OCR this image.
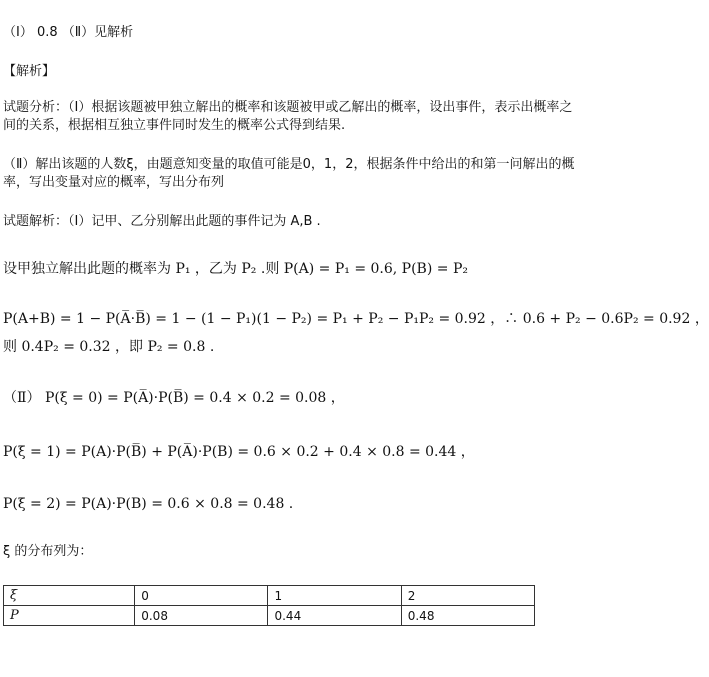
（Ⅰ） 0.8 （Ⅱ）见解析
【解析】
试题分析：（Ⅰ）根据该题被甲独立解出的概率和该题被甲或乙解出的概率，设出事件，表示出概率之
间的关系，根据相互独立事件同时发生的概率公式得到结果.
（Ⅱ）解出该题的人数ξ，由题意知变量的取值可能是0，1，2，根据条件中给出的和第一问解出的概
率，写出变量对应的概率，写出分布列
试题解析：（Ⅰ）记甲、乙分别解出此题的事件记为 A,B .
设甲独立解出此题的概率为 P₁ ，乙为 P₂ .则 P(A) = P₁ = 0.6, P(B) = P₂
P(A+B) = 1 − P(A̅·B̅) = 1 − (1 − P₁)(1 − P₂) = P₁ + P₂ − P₁P₂ = 0.92 ，∴ 0.6 + P₂ − 0.6P₂ = 0.92 ，
则 0.4P₂ = 0.32 ，即 P₂ = 0.8 .
（Ⅱ） P(ξ = 0) = P(A̅)·P(B̅) = 0.4 × 0.2 = 0.08 ，
P(ξ = 1) = P(A)·P(B̅) + P(A̅)·P(B) = 0.6 × 0.2 + 0.4 × 0.8 = 0.44 ，
P(ξ = 2) = P(A)·P(B) = 0.6 × 0.8 = 0.48 .
ξ 的分布列为：
ξ	0	1	2
P	0.08	0.44	0.48
